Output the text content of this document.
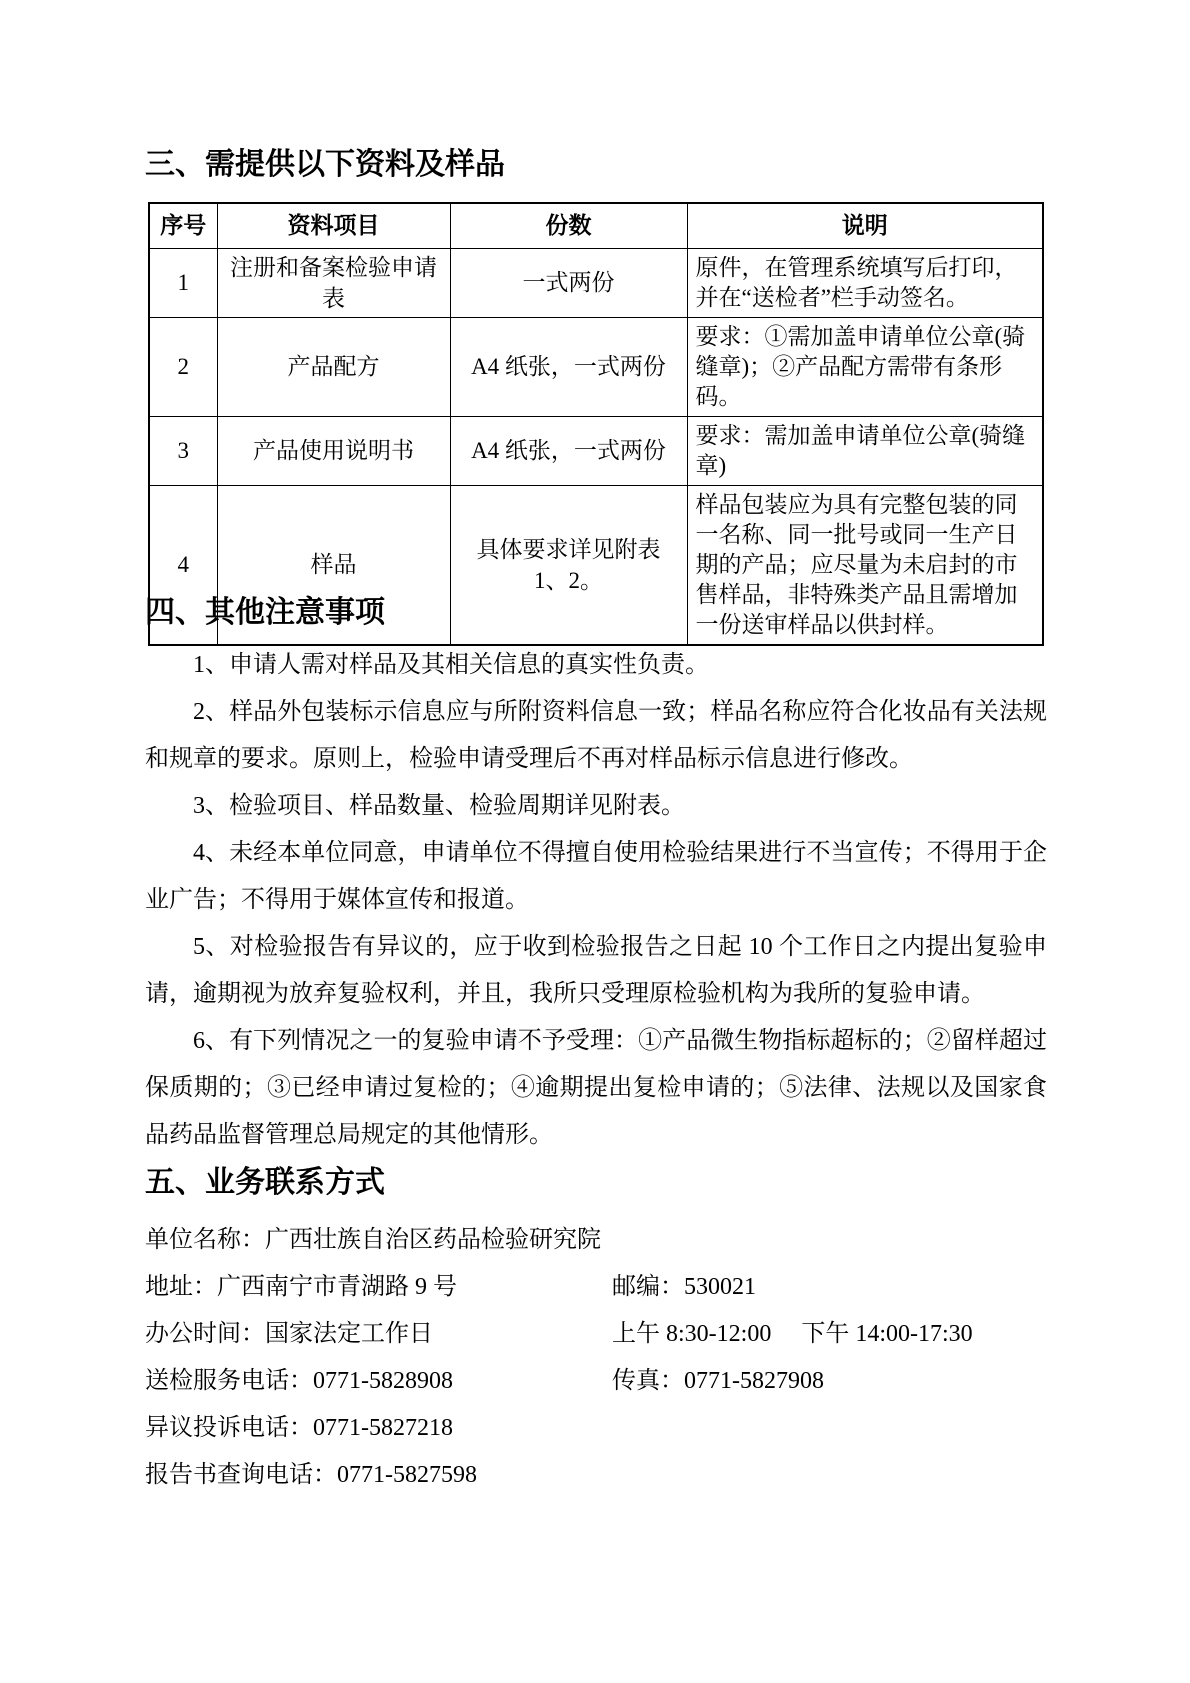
三、需提供以下资料及样品
序号	资料项目	份数	说明
1	注册和备案检验申请表	一式两份	原件，在管理系统填写后打印，并在“送检者”栏手动签名。
2	产品配方	A4 纸张，一式两份	要求：①需加盖申请单位公章(骑缝章)；②产品配方需带有条形码。
3	产品使用说明书	A4 纸张，一式两份	要求：需加盖申请单位公章(骑缝章)
4	样品	具体要求详见附表 1、2。	样品包装应为具有完整包装的同一名称、同一批号或同一生产日期的产品；应尽量为未启封的市售样品，非特殊类产品且需增加一份送审样品以供封样。
四、其他注意事项

1、申请人需对样品及其相关信息的真实性负责。

2、样品外包装标示信息应与所附资料信息一致；样品名称应符合化妆品有关法规和规章的要求。原则上，检验申请受理后不再对样品标示信息进行修改。

3、检验项目、样品数量、检验周期详见附表。

4、未经本单位同意，申请单位不得擅自使用检验结果进行不当宣传；不得用于企业广告；不得用于媒体宣传和报道。

5、对检验报告有异议的，应于收到检验报告之日起 10 个工作日之内提出复验申请，逾期视为放弃复验权利，并且，我所只受理原检验机构为我所的复验申请。

6、有下列情况之一的复验申请不予受理：①产品微生物指标超标的；②留样超过保质期的；③已经申请过复检的；④逾期提出复检申请的；⑤法律、法规以及国家食品药品监督管理总局规定的其他情形。

五、业务联系方式
单位名称：广西壮族自治区药品检验研究院
地址：广西南宁市青湖路 9 号	邮编：530021
办公时间：国家法定工作日	上午 8:30-12:00　 下午 14:00-17:30
送检服务电话：0771-5828908	传真：0771-5827908
异议投诉电话：0771-5827218
报告书查询电话：0771-5827598
